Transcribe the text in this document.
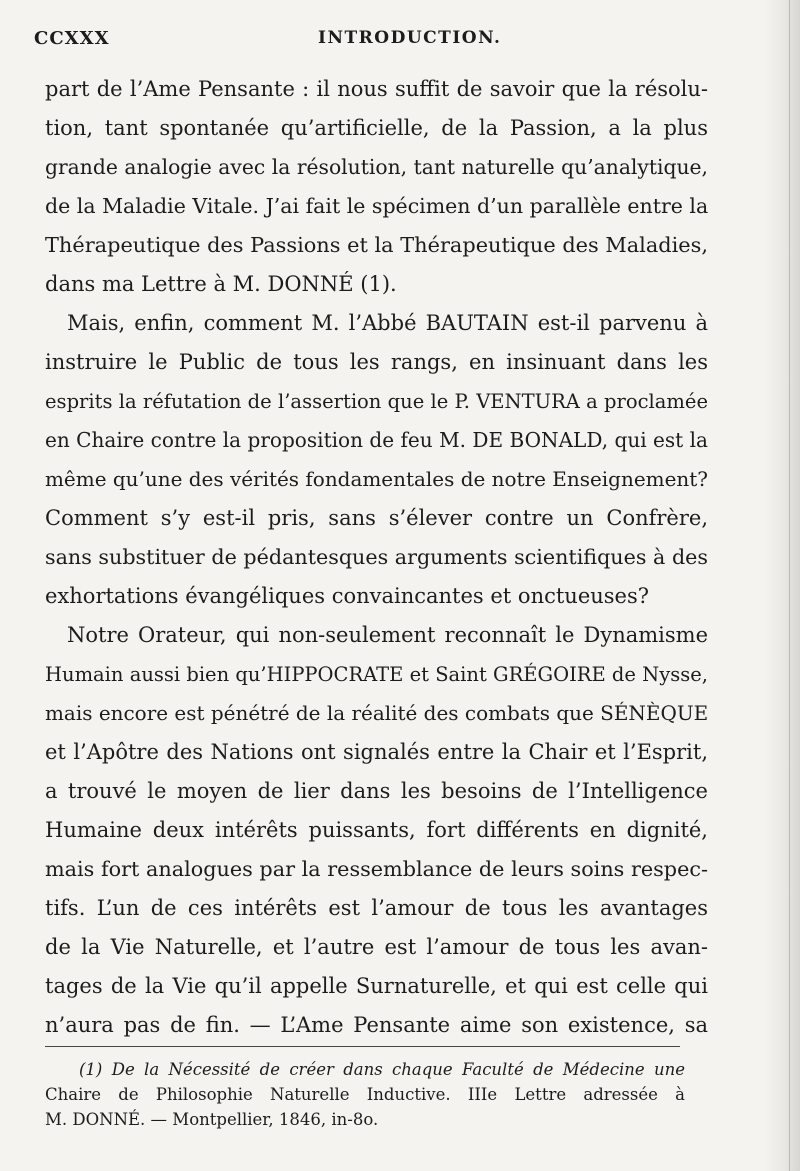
CCXXX	INTRODUCTION.
part de l’Ame Pensante : il nous suffit de savoir que la résolu-
tion, tant spontanée qu’artificielle, de la Passion, a la plus
grande analogie avec la résolution, tant naturelle qu’analytique,
de la Maladie Vitale. J’ai fait le spécimen d’un parallèle entre la
Thérapeutique des Passions et la Thérapeutique des Maladies,
dans ma Lettre à M. DONNÉ (1).
Mais, enfin, comment M. l’Abbé BAUTAIN est-il parvenu à
instruire le Public de tous les rangs, en insinuant dans les
esprits la réfutation de l’assertion que le P. VENTURA a proclamée
en Chaire contre la proposition de feu M. DE BONALD, qui est la
même qu’une des vérités fondamentales de notre Enseignement?
Comment s’y est-il pris, sans s’élever contre un Confrère,
sans substituer de pédantesques arguments scientifiques à des
exhortations évangéliques convaincantes et onctueuses?
Notre Orateur, qui non-seulement reconnaît le Dynamisme
Humain aussi bien qu’HIPPOCRATE et Saint GRÉGOIRE de Nysse,
mais encore est pénétré de la réalité des combats que SÉNÈQUE
et l’Apôtre des Nations ont signalés entre la Chair et l’Esprit,
a trouvé le moyen de lier dans les besoins de l’Intelligence
Humaine deux intérêts puissants, fort différents en dignité,
mais fort analogues par la ressemblance de leurs soins respec-
tifs. L’un de ces intérêts est l’amour de tous les avantages
de la Vie Naturelle, et l’autre est l’amour de tous les avan-
tages de la Vie qu’il appelle Surnaturelle, et qui est celle qui
n’aura pas de fin. — L’Ame Pensante aime son existence, sa
(1) De la Nécessité de créer dans chaque Faculté de Médecine une
Chaire de Philosophie Naturelle Inductive. IIIe Lettre adressée à
M. DONNÉ. — Montpellier, 1846, in-8o.
